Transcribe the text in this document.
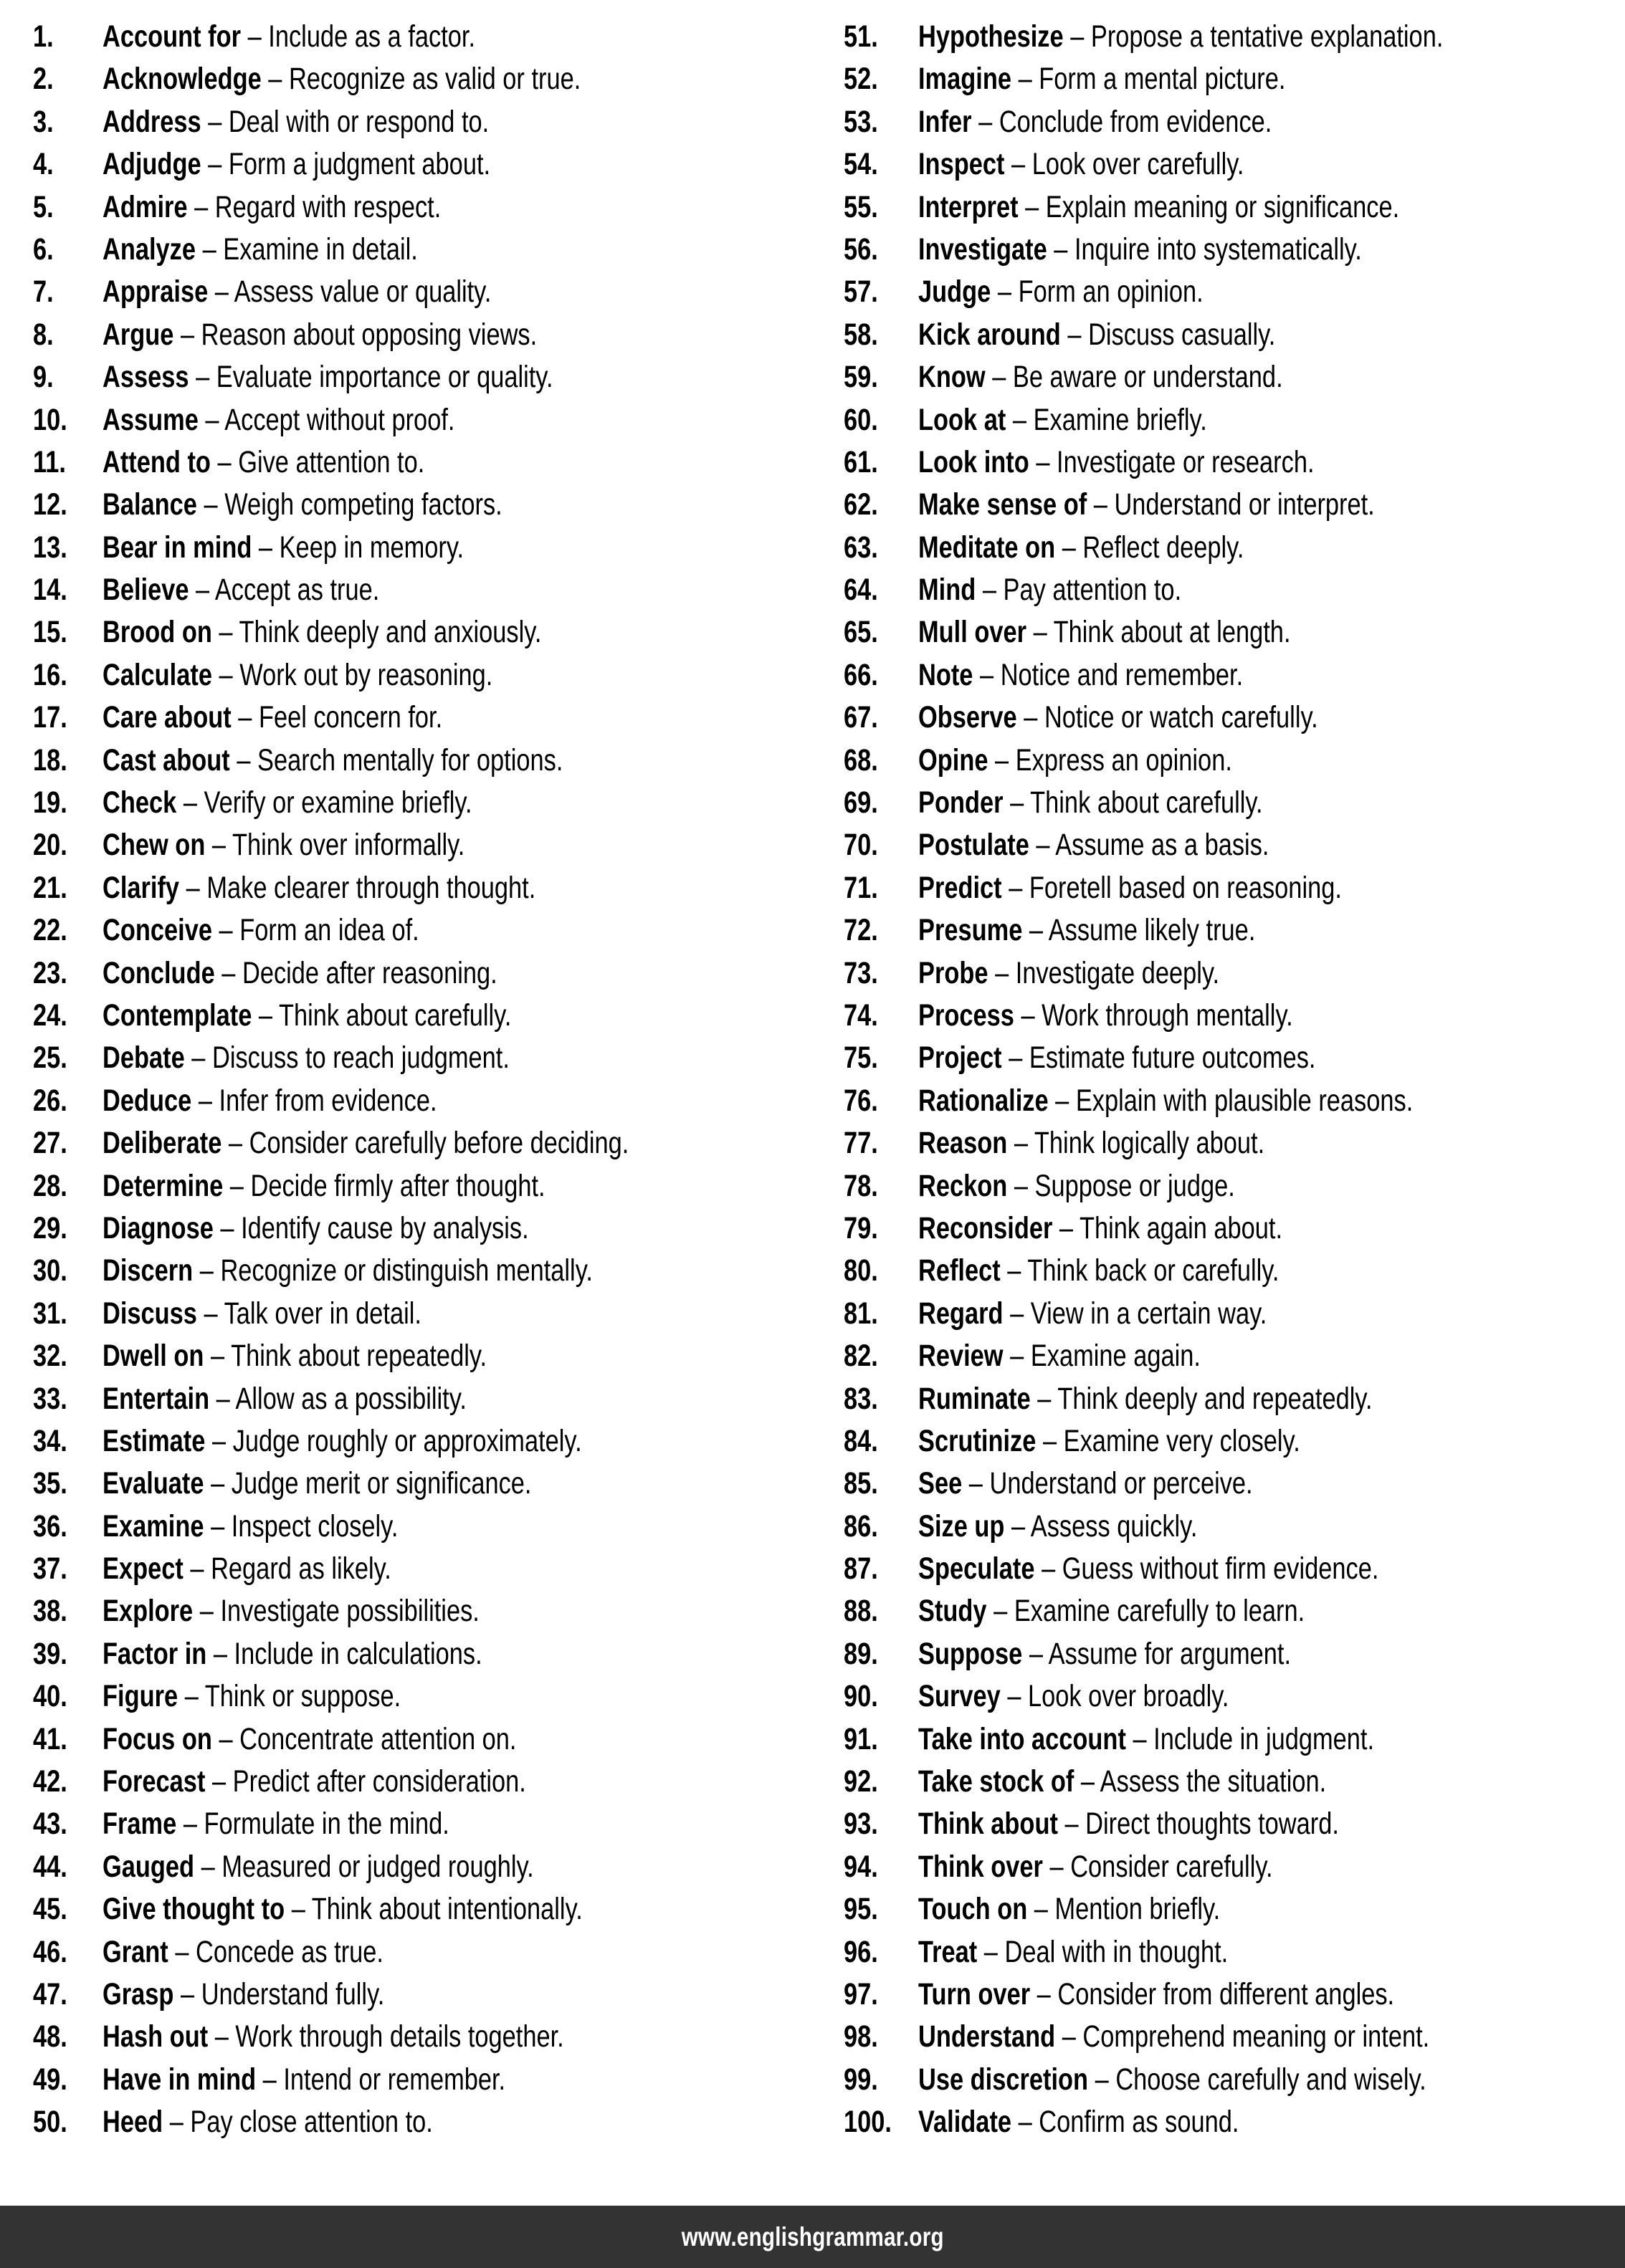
1.	Account for – Include as a factor.
2.	Acknowledge – Recognize as valid or true.
3.	Address – Deal with or respond to.
4.	Adjudge – Form a judgment about.
5.	Admire – Regard with respect.
6.	Analyze – Examine in detail.
7.	Appraise – Assess value or quality.
8.	Argue – Reason about opposing views.
9.	Assess – Evaluate importance or quality.
10.	Assume – Accept without proof.
11.	Attend to – Give attention to.
12.	Balance – Weigh competing factors.
13.	Bear in mind – Keep in memory.
14.	Believe – Accept as true.
15.	Brood on – Think deeply and anxiously.
16.	Calculate – Work out by reasoning.
17.	Care about – Feel concern for.
18.	Cast about – Search mentally for options.
19.	Check – Verify or examine briefly.
20.	Chew on – Think over informally.
21.	Clarify – Make clearer through thought.
22.	Conceive – Form an idea of.
23.	Conclude – Decide after reasoning.
24.	Contemplate – Think about carefully.
25.	Debate – Discuss to reach judgment.
26.	Deduce – Infer from evidence.
27.	Deliberate – Consider carefully before deciding.
28.	Determine – Decide firmly after thought.
29.	Diagnose – Identify cause by analysis.
30.	Discern – Recognize or distinguish mentally.
31.	Discuss – Talk over in detail.
32.	Dwell on – Think about repeatedly.
33.	Entertain – Allow as a possibility.
34.	Estimate – Judge roughly or approximately.
35.	Evaluate – Judge merit or significance.
36.	Examine – Inspect closely.
37.	Expect – Regard as likely.
38.	Explore – Investigate possibilities.
39.	Factor in – Include in calculations.
40.	Figure – Think or suppose.
41.	Focus on – Concentrate attention on.
42.	Forecast – Predict after consideration.
43.	Frame – Formulate in the mind.
44.	Gauged – Measured or judged roughly.
45.	Give thought to – Think about intentionally.
46.	Grant – Concede as true.
47.	Grasp – Understand fully.
48.	Hash out – Work through details together.
49.	Have in mind – Intend or remember.
50.	Heed – Pay close attention to.
51.	Hypothesize – Propose a tentative explanation.
52.	Imagine – Form a mental picture.
53.	Infer – Conclude from evidence.
54.	Inspect – Look over carefully.
55.	Interpret – Explain meaning or significance.
56.	Investigate – Inquire into systematically.
57.	Judge – Form an opinion.
58.	Kick around – Discuss casually.
59.	Know – Be aware or understand.
60.	Look at – Examine briefly.
61.	Look into – Investigate or research.
62.	Make sense of – Understand or interpret.
63.	Meditate on – Reflect deeply.
64.	Mind – Pay attention to.
65.	Mull over – Think about at length.
66.	Note – Notice and remember.
67.	Observe – Notice or watch carefully.
68.	Opine – Express an opinion.
69.	Ponder – Think about carefully.
70.	Postulate – Assume as a basis.
71.	Predict – Foretell based on reasoning.
72.	Presume – Assume likely true.
73.	Probe – Investigate deeply.
74.	Process – Work through mentally.
75.	Project – Estimate future outcomes.
76.	Rationalize – Explain with plausible reasons.
77.	Reason – Think logically about.
78.	Reckon – Suppose or judge.
79.	Reconsider – Think again about.
80.	Reflect – Think back or carefully.
81.	Regard – View in a certain way.
82.	Review – Examine again.
83.	Ruminate – Think deeply and repeatedly.
84.	Scrutinize – Examine very closely.
85.	See – Understand or perceive.
86.	Size up – Assess quickly.
87.	Speculate – Guess without firm evidence.
88.	Study – Examine carefully to learn.
89.	Suppose – Assume for argument.
90.	Survey – Look over broadly.
91.	Take into account – Include in judgment.
92.	Take stock of – Assess the situation.
93.	Think about – Direct thoughts toward.
94.	Think over – Consider carefully.
95.	Touch on – Mention briefly.
96.	Treat – Deal with in thought.
97.	Turn over – Consider from different angles.
98.	Understand – Comprehend meaning or intent.
99.	Use discretion – Choose carefully and wisely.
100. Validate – Confirm as sound.
www.englishgrammar.org
